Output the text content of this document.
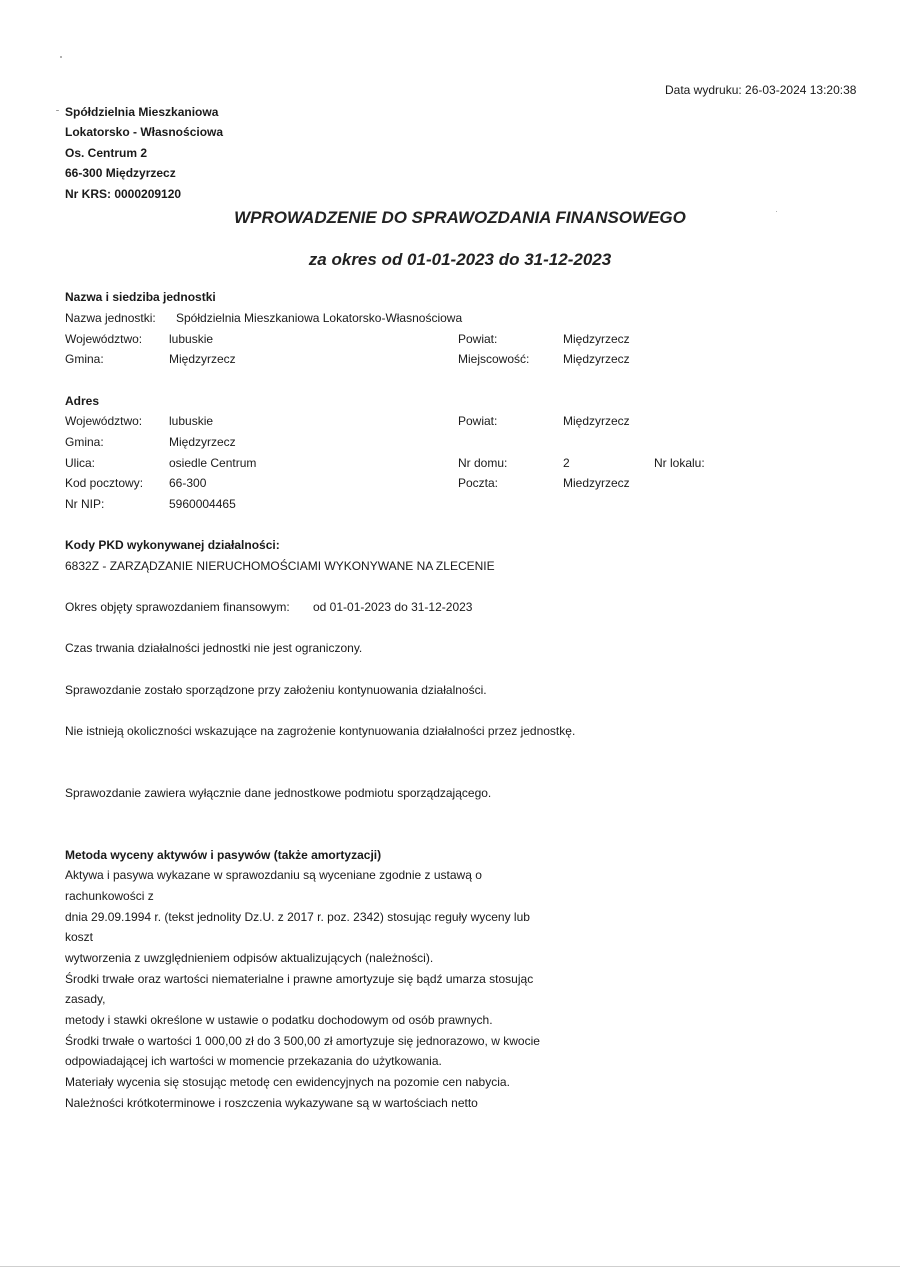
Data wydruku: 26-03-2024 13:20:38
Spółdzielnia Mieszkaniowa
Lokatorsko - Własnościowa
Os. Centrum 2
66-300 Międzyrzecz
Nr KRS: 0000209120
WPROWADZENIE DO SPRAWOZDANIA FINANSOWEGO
za okres od 01-01-2023 do 31-12-2023
Nazwa i siedziba jednostki
Nazwa jednostki: Spółdzielnia Mieszkaniowa Lokatorsko-Własnościowa
Województwo: lubuskie	Powiat:	Międzyrzecz
Gmina:	Międzyrzecz	Miejscowość:	Międzyrzecz
Adres
Województwo: lubuskie	Powiat:	Międzyrzecz
Gmina:	Międzyrzecz
Ulica:	osiedle Centrum	Nr domu:	2	Nr lokalu:
Kod pocztowy: 66-300	Poczta:	Miedzyrzecz
Nr NIP:	5960004465
Kody PKD wykonywanej działalności:
6832Z - ZARZĄDZANIE NIERUCHOMOŚCIAMI WYKONYWANE NA ZLECENIE
Okres objęty sprawozdaniem finansowym: od 01-01-2023 do 31-12-2023
Czas trwania działalności jednostki nie jest ograniczony.
Sprawozdanie zostało sporządzone przy założeniu kontynuowania działalności.
Nie istnieją okoliczności wskazujące na zagrożenie kontynuowania działalności przez jednostkę.
Sprawozdanie zawiera wyłącznie dane jednostkowe podmiotu sporządzającego.
Metoda wyceny aktywów i pasywów (także amortyzacji)
Aktywa i pasywa wykazane w sprawozdaniu są wyceniane zgodnie z ustawą o
rachunkowości z
dnia 29.09.1994 r. (tekst jednolity Dz.U. z 2017 r. poz. 2342) stosując reguły wyceny lub
koszt
wytworzenia z uwzględnieniem odpisów aktualizujących (należności).
Środki trwałe oraz wartości niematerialne i prawne amortyzuje się bądź umarza stosując
zasady,
metody i stawki określone w ustawie o podatku dochodowym od osób prawnych.
Środki trwałe o wartości 1 000,00 zł do 3 500,00 zł amortyzuje się jednorazowo, w kwocie
odpowiadającej ich wartości w momencie przekazania do użytkowania.
Materiały wycenia się stosując metodę cen ewidencyjnych na pozomie cen nabycia.
Należności krótkoterminowe i roszczenia wykazywane są w wartościach netto
